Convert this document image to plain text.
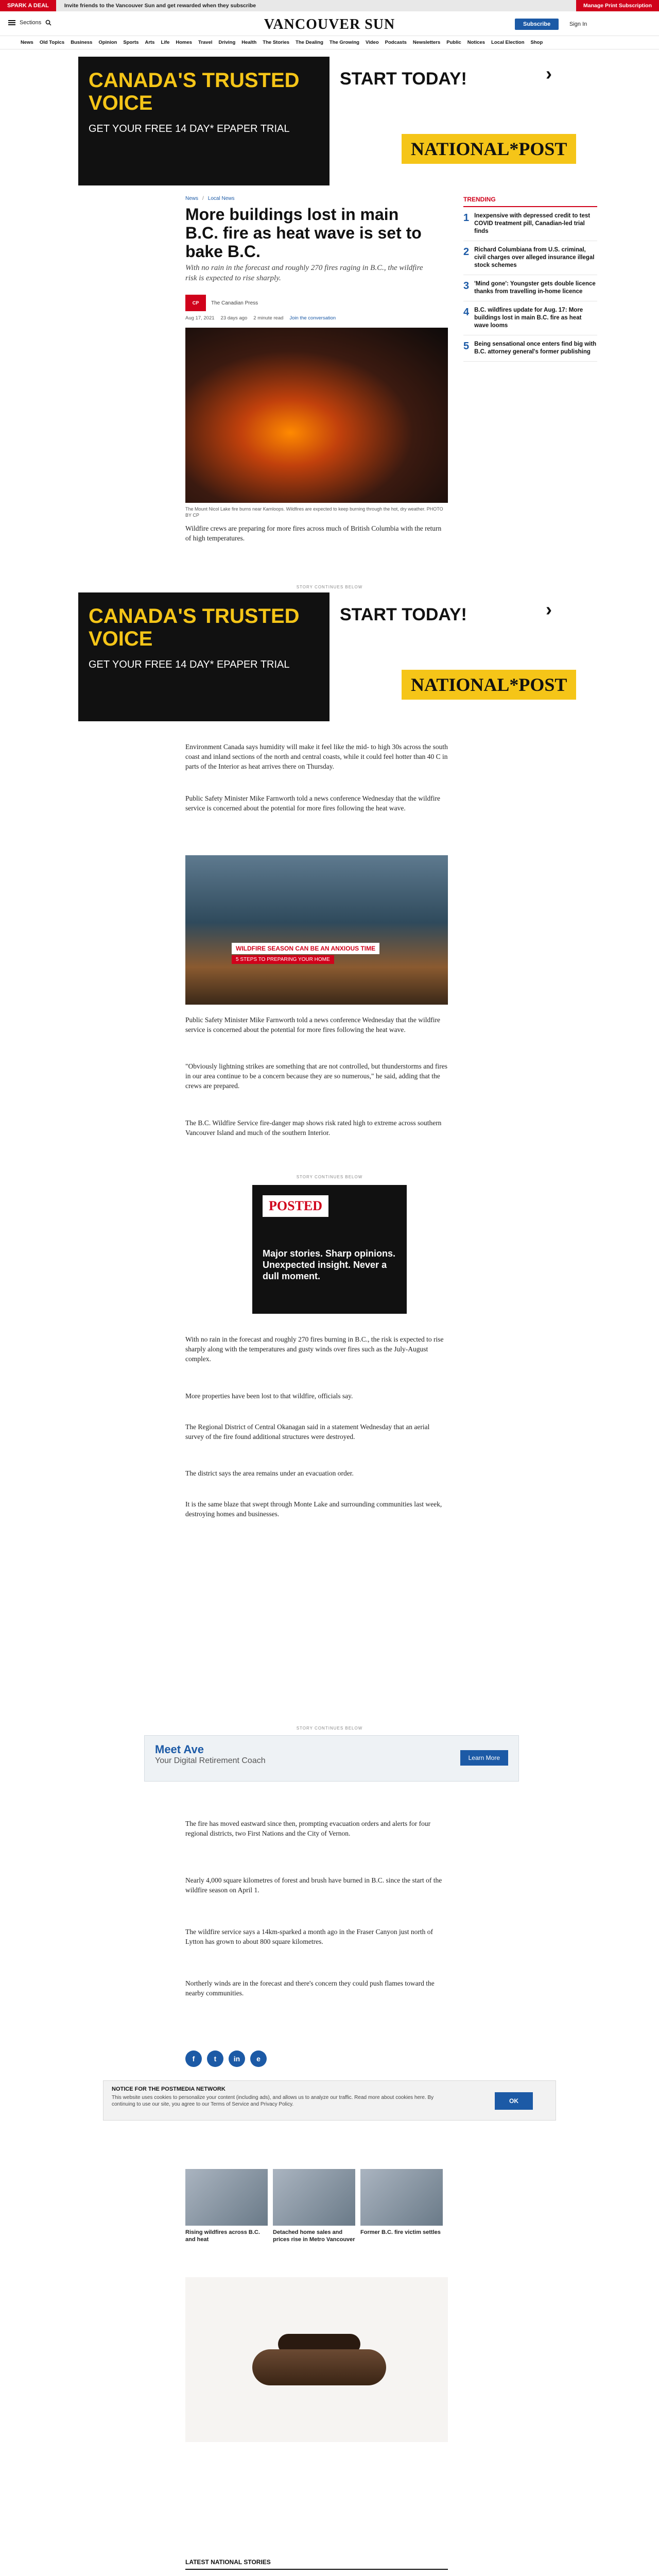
SPARK A DEAL	Invite friends to the Vancouver Sun and get rewarded when they subscribe	Manage Print Subscription
Sections	VANCOUVER SUN	Subscribe	Sign In
News Old Topics Business Opinion Sports Arts Life Homes Travel Driving Health The Stories The Dealing The Growing Video Podcasts Newsletters Public Notices Local Election Shop
CANADA'S TRUSTED VOICE
GET YOUR FREE 14 DAY* EPAPER TRIAL
START TODAY!	›
NATIONAL*POST
News / Local News
More buildings lost in main B.C. fire as heat wave is set to bake B.C.
With no rain in the forecast and roughly 270 fires raging in B.C., the wildfire risk is expected to rise sharply.
CP	The Canadian Press
Aug 17, 2021 23 days ago 2 minute read Join the conversation
The Mount Nicol Lake fire burns near Kamloops. Wildfires are expected to keep burning through the hot, dry weather. PHOTO BY CP
Wildfire crews are preparing for more fires across much of British Columbia with the return of high temperatures.
TRENDING
1 Inexpensive with depressed credit to test COVID treatment pill, Canadian-led trial finds
2 Richard Columbiana from U.S. criminal, civil charges over alleged insurance illegal stock schemes
3 'Mind gone': Youngster gets double licence thanks from travelling in-home licence
4 B.C. wildfires update for Aug. 17: More buildings lost in main B.C. fire as heat wave looms
5 Being sensational once enters find big with B.C. attorney general's former publishing
STORY CONTINUES BELOW
CANADA'S TRUSTED VOICE
GET YOUR FREE 14 DAY* EPAPER TRIAL
START TODAY!	›
NATIONAL*POST
Environment Canada says humidity will make it feel like the mid- to high 30s across the south coast and inland sections of the north and central coasts, while it could feel hotter than 40 C in parts of the Interior as heat arrives there on Thursday.
Public Safety Minister Mike Farnworth told a news conference Wednesday that the wildfire service is concerned about the potential for more fires following the heat wave.
WILDFIRE SEASON CAN BE AN ANXIOUS TIME
5 STEPS TO PREPARING YOUR HOME
Public Safety Minister Mike Farnworth told a news conference Wednesday that the wildfire service is concerned about the potential for more fires following the heat wave.
"Obviously lightning strikes are something that are not controlled, but thunderstorms and fires in our area continue to be a concern because they are so numerous," he said, adding that the crews are prepared.
The B.C. Wildfire Service fire-danger map shows risk rated high to extreme across southern Vancouver Island and much of the southern Interior.
STORY CONTINUES BELOW
POSTED
Major stories. Sharp opinions. Unexpected insight. Never a dull moment.
With no rain in the forecast and roughly 270 fires burning in B.C., the risk is expected to rise sharply along with the temperatures and gusty winds over fires such as the July-August complex.
More properties have been lost to that wildfire, officials say.
The Regional District of Central Okanagan said in a statement Wednesday that an aerial survey of the fire found additional structures were destroyed.
The district says the area remains under an evacuation order.
It is the same blaze that swept through Monte Lake and surrounding communities last week, destroying homes and businesses.
STORY CONTINUES BELOW
Meet Ave
Your Digital Retirement Coach	Learn More
The fire has moved eastward since then, prompting evacuation orders and alerts for four regional districts, two First Nations and the City of Vernon.
Nearly 4,000 square kilometres of forest and brush have burned in B.C. since the start of the wildfire season on April 1.
The wildfire service says a 14km-sparked a month ago in the Fraser Canyon just north of Lytton has grown to about 800 square kilometres.
Northerly winds are in the forecast and there's concern they could push flames toward the nearby communities.
f	t	in	e
NOTICE FOR THE POSTMEDIA NETWORK
This website uses cookies to personalize your content (including ads), and allows us to analyze our traffic. Read more about cookies here. By continuing to use our site, you agree to our Terms of Service and Privacy Policy.	OK
Rising wildfires across B.C. and heat
Detached home sales and prices rise in Metro Vancouver
Former B.C. fire victim settles
LATEST NATIONAL STORIES
